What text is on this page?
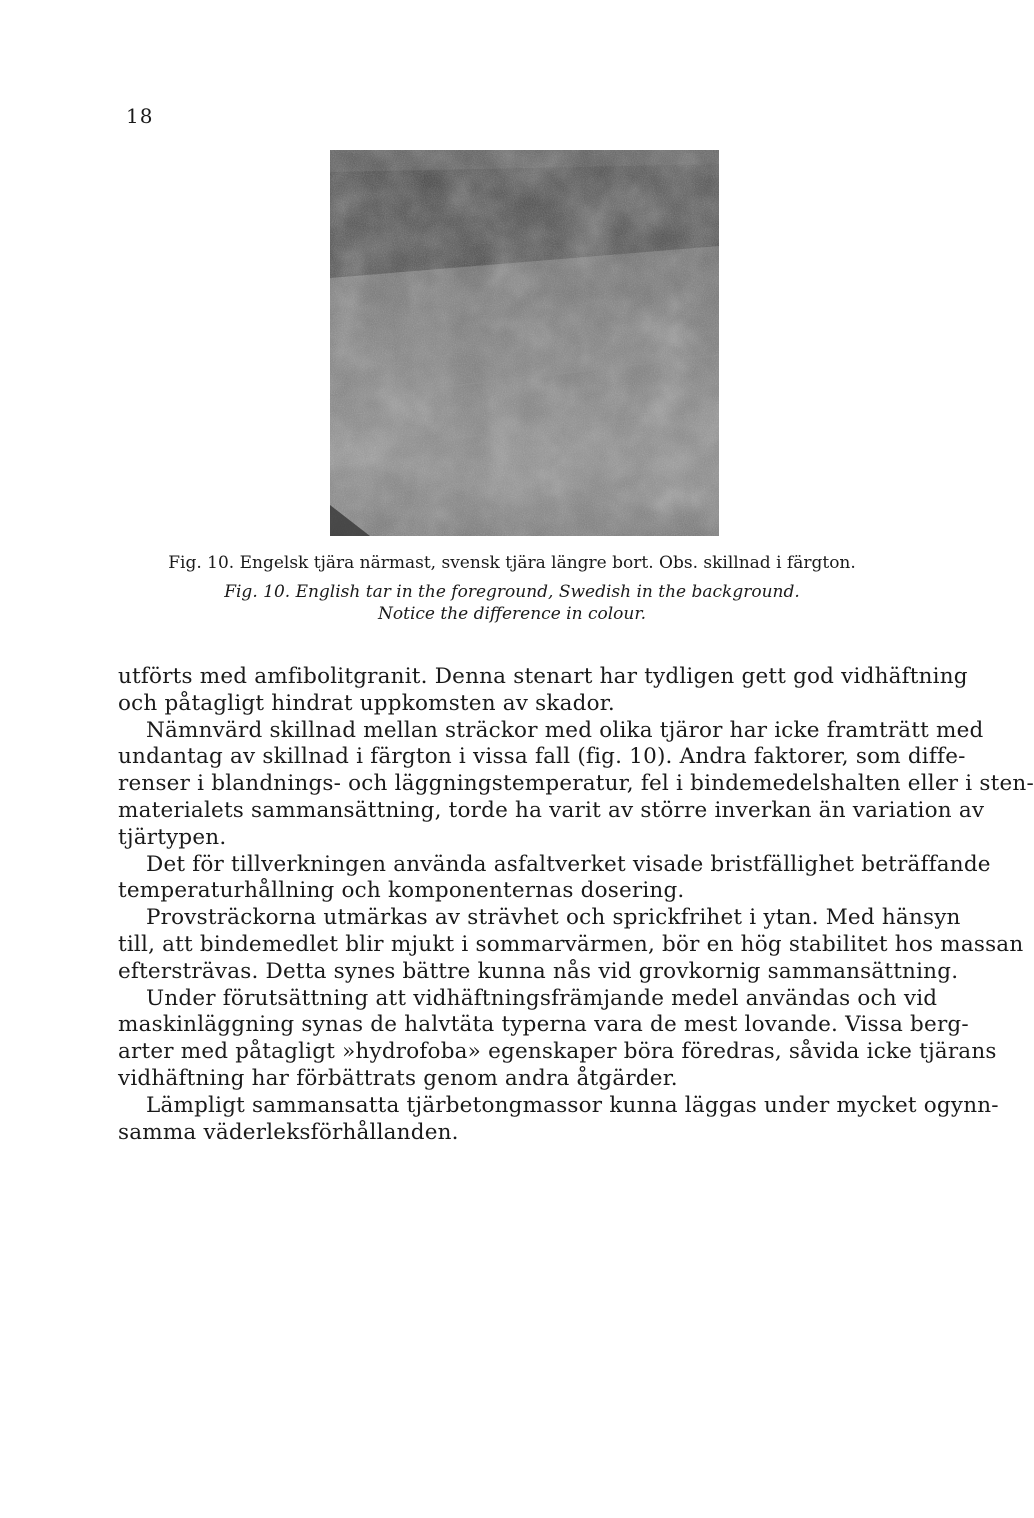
18
Fig. 10. Engelsk tjära närmast, svensk tjära längre bort. Obs. skillnad i färgton.
Fig. 10. English tar in the foreground, Swedish in the background.
Notice the difference in colour.
utförts med amfibolitgranit. Denna stenart har tydligen gett god vidhäftning
och påtagligt hindrat uppkomsten av skador.
Nämnvärd skillnad mellan sträckor med olika tjäror har icke framträtt med
undantag av skillnad i färgton i vissa fall (fig. 10). Andra faktorer, som diffe-
renser i blandnings- och läggningstemperatur, fel i bindemedelshalten eller i sten-
materialets sammansättning, torde ha varit av större inverkan än variation av
tjärtypen.
Det för tillverkningen använda asfaltverket visade bristfällighet beträffande
temperaturhållning och komponenternas dosering.
Provsträckorna utmärkas av strävhet och sprickfrihet i ytan. Med hänsyn
till, att bindemedlet blir mjukt i sommarvärmen, bör en hög stabilitet hos massan
eftersträvas. Detta synes bättre kunna nås vid grovkornig sammansättning.
Under förutsättning att vidhäftningsfrämjande medel användas och vid
maskinläggning synas de halvtäta typerna vara de mest lovande. Vissa berg-
arter med påtagligt »hydrofoba» egenskaper böra föredras, såvida icke tjärans
vidhäftning har förbättrats genom andra åtgärder.
Lämpligt sammansatta tjärbetongmassor kunna läggas under mycket ogynn-
samma väderleksförhållanden.
